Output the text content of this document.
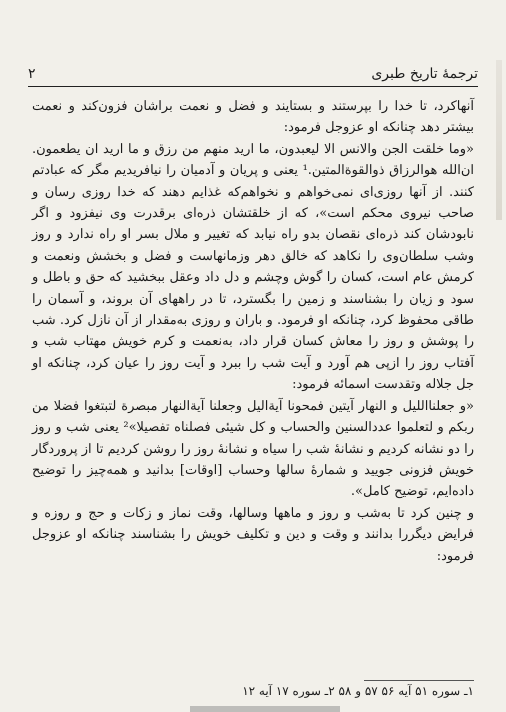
۲	ترجمهٔ تاریخ طبری

آنهاکرد، تا خدا را بپرستند و بستایند و فضل و نعمت براشان فزون‌کند و نعمت بیشتر دهد چنانکه او عزوجل فرمود:

«وما خلقت الجن والانس الا لیعبدون، ما ارید منهم من رزق و ما ارید ان یطعمون. ان‌الله هوالرزاق ذوالقوةالمتین.¹ یعنی و پریان و آدمیان را نیافریدیم مگر که عبادتم کنند. از آنها روزی‌ای نمی‌خواهم و نخواهم‌که غذایم دهند که خدا روزی رسان و صاحب نیروی محکم است»، که از خلقتشان ذره‌ای برقدرت وی نیفزود و اگر نابودشان کند ذره‌ای نقصان بدو راه نیابد که تغییر و ملال بسر او راه ندارد و روز وشب سلطان‌وی را نکاهد که خالق دهر وزمانهاست و فضل و بخشش ونعمت و کرمش عام است، کسان را گوش وچشم و دل داد وعقل ببخشید که حق و باطل و سود و زیان را بشناسند و زمین را بگسترد، تا در راههای آن بروند، و آسمان را طاقی محفوظ کرد، چنانکه او فرمود. و باران و روزی به‌مقدار از آن نازل کرد. شب را پوشش و روز را معاش کسان قرار داد، به‌نعمت و کرم خویش مهتاب شب و آفتاب روز را ازپی هم آورد و آیت شب را ببرد و آیت روز را عیان کرد، چنانکه او جل جلاله وتقدست اسمائه فرمود:

«و جعلنااللیل و النهار آیتین فمحونا آیةالیل وجعلنا آیةالنهار مبصرة لتبتغوا فضلا من ربکم و لتعلموا عددالسنین والحساب و کل شیئی فصلناه تفصیلا»² یعنی شب و روز را دو نشانه کردیم و نشانهٔ شب را سیاه و نشانهٔ روز را روشن کردیم تا از پروردگار خویش فزونی جویید و شمارهٔ سالها وحساب [اوقات] بدانید و همه‌چیز را توضیح داده‌ایم، توضیح کامل».

و چنین کرد تا به‌شب و روز و ماهها وسالها، وقت نماز و زکات و حج و روزه و فرایض دیگررا بدانند و وقت و دین و تکلیف خویش را بشناسند چنانکه او عزوجل فرمود:

۱ـ سوره ۵۱ آیه ۵۶ ۵۷ و ۵۸ ۲ـ سوره ۱۷ آیه ۱۲
